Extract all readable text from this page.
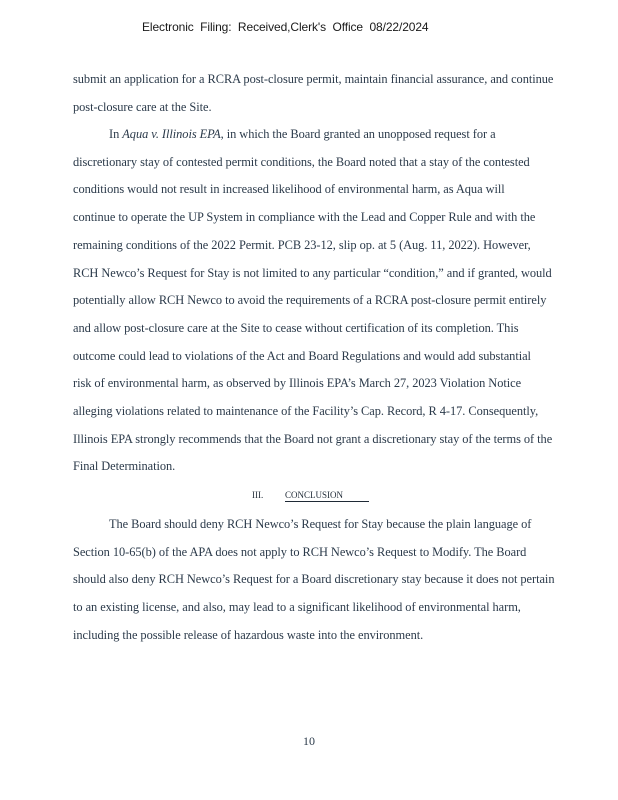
Electronic  Filing:  Received,Clerk's  Office  08/22/2024
submit an application for a RCRA post-closure permit, maintain financial assurance, and continue
post-closure care at the Site.
In Aqua v. Illinois EPA, in which the Board granted an unopposed request for a
discretionary stay of contested permit conditions, the Board noted that a stay of the contested
conditions would not result in increased likelihood of environmental harm, as Aqua will
continue to operate the UP System in compliance with the Lead and Copper Rule and with the
remaining conditions of the 2022 Permit. PCB 23-12, slip op. at 5 (Aug. 11, 2022). However,
RCH Newco’s Request for Stay is not limited to any particular “condition,” and if granted, would
potentially allow RCH Newco to avoid the requirements of a RCRA post-closure permit entirely
and allow post-closure care at the Site to cease without certification of its completion. This
outcome could lead to violations of the Act and Board Regulations and would add substantial
risk of environmental harm, as observed by Illinois EPA’s March 27, 2023 Violation Notice
alleging violations related to maintenance of the Facility’s Cap. Record, R 4-17. Consequently,
Illinois EPA strongly recommends that the Board not grant a discretionary stay of the terms of the
Final Determination.
III. CONCLUSION
The Board should deny RCH Newco’s Request for Stay because the plain language of
Section 10-65(b) of the APA does not apply to RCH Newco’s Request to Modify. The Board
should also deny RCH Newco’s Request for a Board discretionary stay because it does not pertain
to an existing license, and also, may lead to a significant likelihood of environmental harm,
including the possible release of hazardous waste into the environment.
10
